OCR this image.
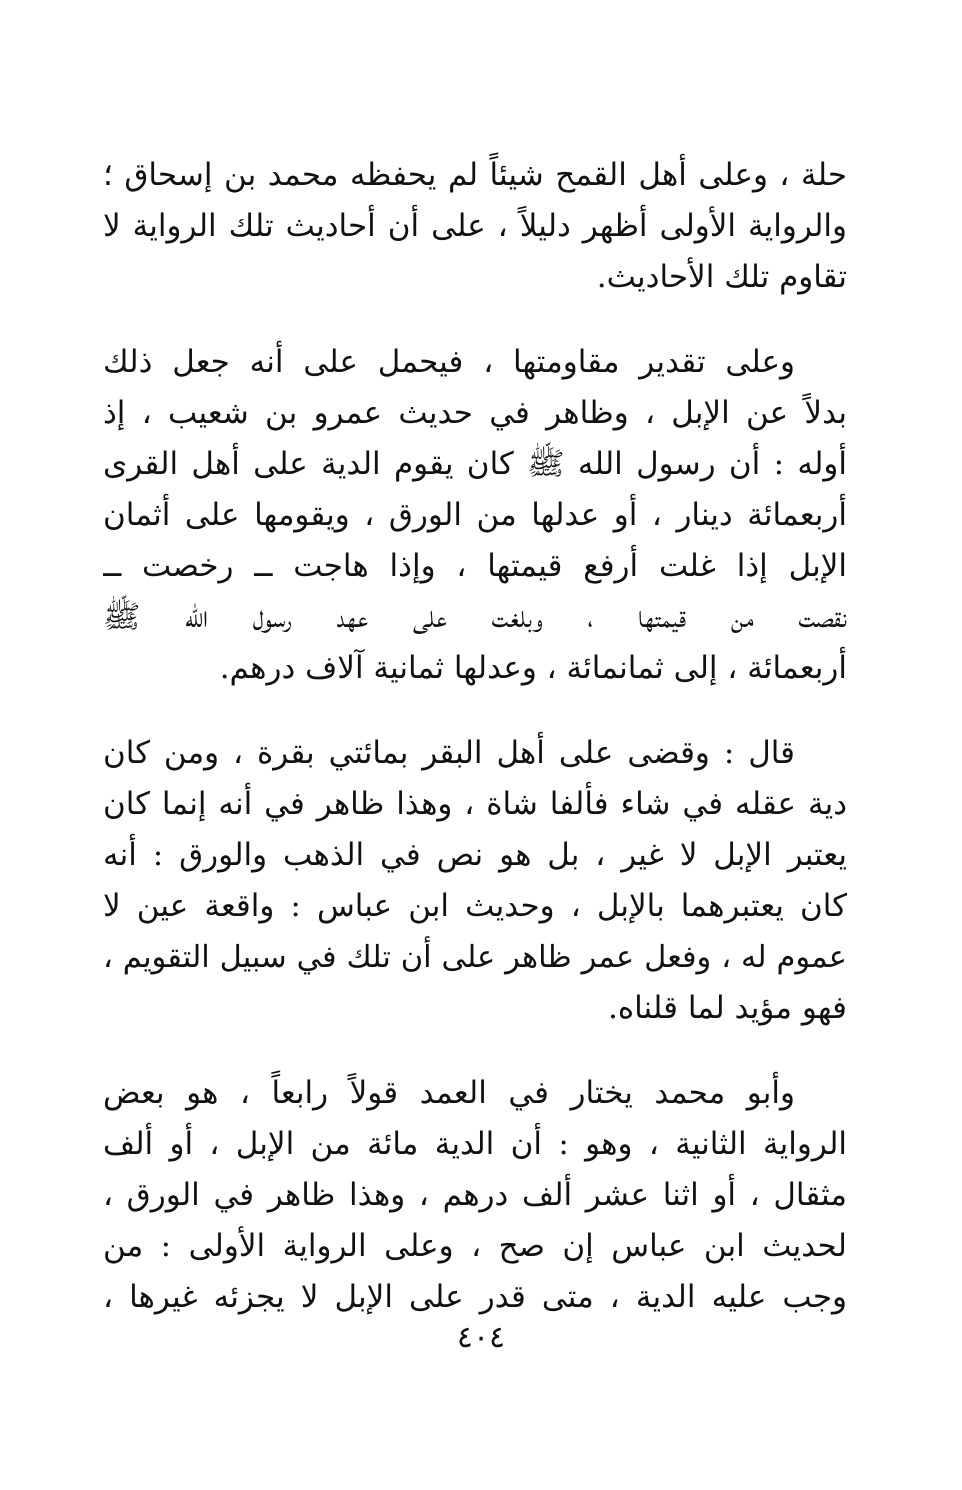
حلة ، وعلى أهل القمح شيئاً لم يحفظه محمد بن إسحاق ؛
والرواية الأولى أظهر دليلاً ، على أن أحاديث تلك الرواية لا
تقاوم تلك الأحاديث.
وعلى تقدير مقاومتها ، فيحمل على أنه جعل ذلك
بدلاً عن الإبل ، وظاهر في حديث عمرو بن شعيب ، إذ
أوله : أن رسول الله ﷺ كان يقوم الدية على أهل القرى
أربعمائة دينار ، أو عدلها من الورق ، ويقومها على أثمان
الإبل إذا غلت أرفع قيمتها ، وإذا هاجت ــ رخصت ــ
نقصت من قيمتها ، وبلغت على عهد رسول الله ﷺ
أربعمائة ، إلى ثمانمائة ، وعدلها ثمانية آلاف درهم.
قال : وقضى على أهل البقر بمائتي بقرة ، ومن كان
دية عقله في شاء فألفا شاة ، وهذا ظاهر في أنه إنما كان
يعتبر الإبل لا غير ، بل هو نص في الذهب والورق : أنه
كان يعتبرهما بالإبل ، وحديث ابن عباس : واقعة عين لا
عموم له ، وفعل عمر ظاهر على أن تلك في سبيل التقويم ،
فهو مؤيد لما قلناه.
وأبو محمد يختار في العمد قولاً رابعاً ، هو بعض
الرواية الثانية ، وهو : أن الدية مائة من الإبل ، أو ألف
مثقال ، أو اثنا عشر ألف درهم ، وهذا ظاهر في الورق ،
لحديث ابن عباس إن صح ، وعلى الرواية الأولى : من
وجب عليه الدية ، متى قدر على الإبل لا يجزئه غيرها ،
٤٠٤
